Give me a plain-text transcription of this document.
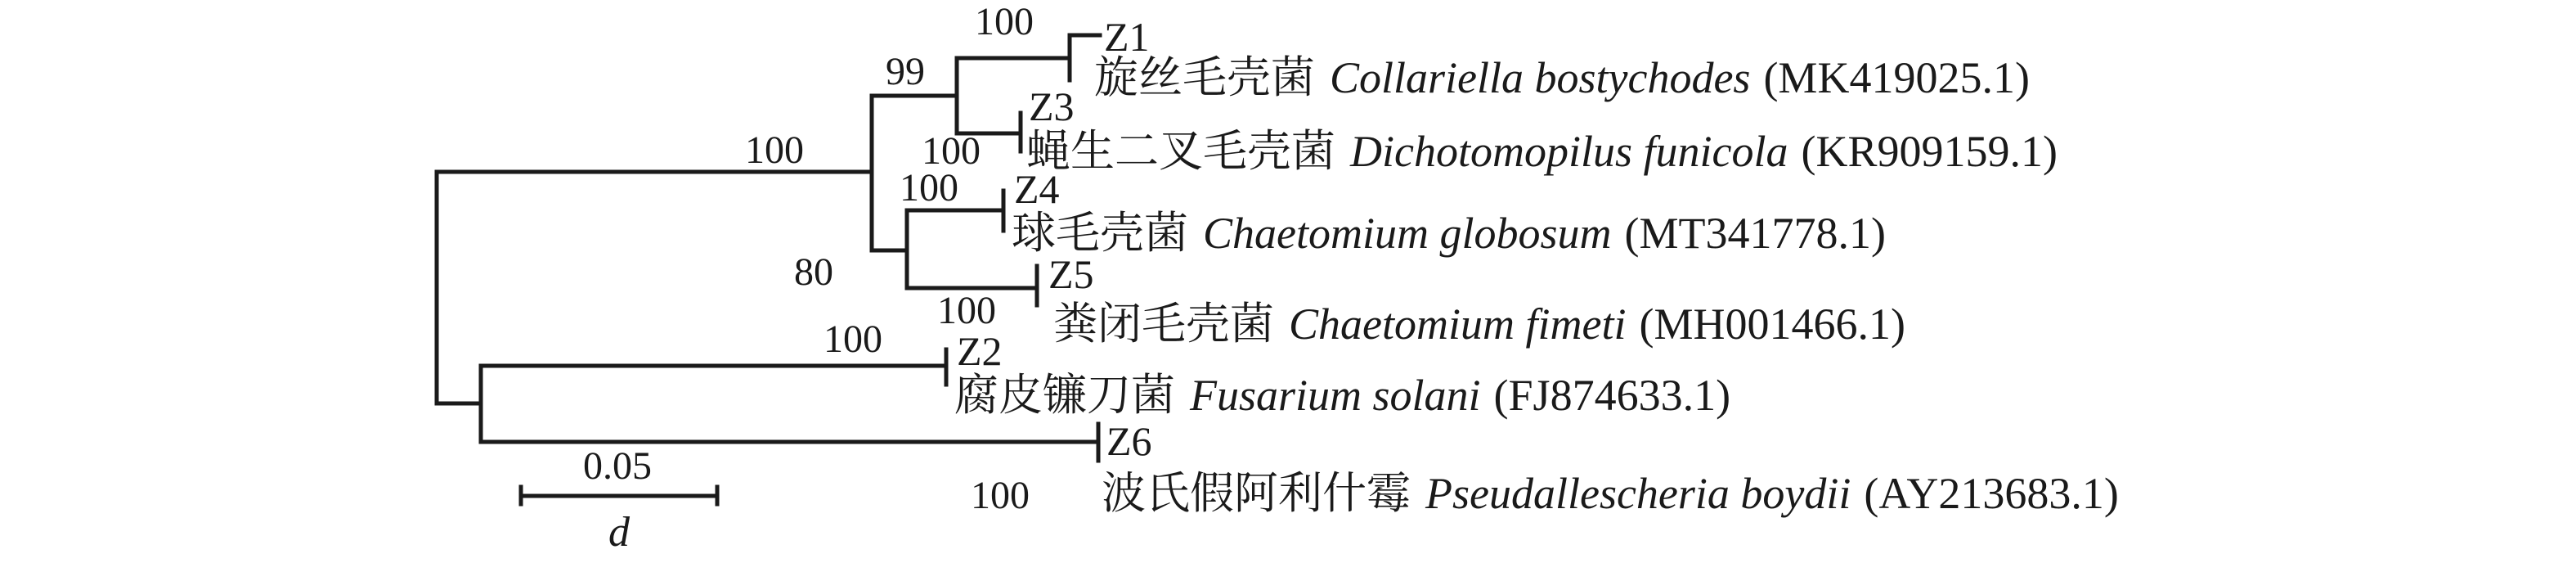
100
99
100
100
100
80
100
100
100
Z1
Z3
Z4
Z5
Z2
Z6
旋丝毛壳菌 Collariella bostychodes (MK419025.1)
蝇生二叉毛壳菌 Dichotomopilus funicola (KR909159.1)
球毛壳菌 Chaetomium globosum (MT341778.1)
粪闭毛壳菌 Chaetomium fimeti (MH001466.1)
腐皮镰刀菌 Fusarium solani (FJ874633.1)
波氏假阿利什霉 Pseudallescheria boydii (AY213683.1)
0.05
d
